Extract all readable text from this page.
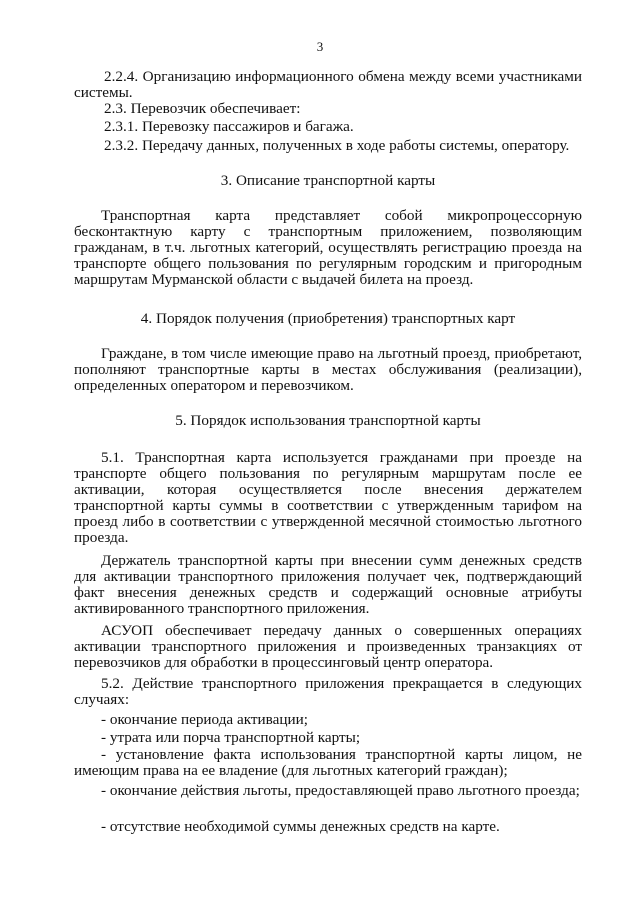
3

2.2.4. Организацию информационного обмена между всеми участниками системы.

2.3. Перевозчик обеспечивает:

2.3.1. Перевозку пассажиров и багажа.

2.3.2. Передачу данных, полученных в ходе работы системы, оператору.

3. Описание транспортной карты

Транспортная карта представляет собой микропроцессорную бесконтактную карту с транспортным приложением, позволяющим гражданам, в т.ч. льготных категорий, осуществлять регистрацию проезда на транспорте общего пользования по регулярным городским и пригородным маршрутам Мурманской области с выдачей билета на проезд.

4. Порядок получения (приобретения) транспортных карт

Граждане, в том числе имеющие право на льготный проезд, приобретают, пополняют транспортные карты в местах обслуживания (реализации), определенных оператором и перевозчиком.

5. Порядок использования транспортной карты

5.1. Транспортная карта используется гражданами при проезде на транспорте общего пользования по регулярным маршрутам после ее активации, которая осуществляется после внесения держателем транспортной карты суммы в соответствии с утвержденным тарифом на проезд либо в соответствии с утвержденной месячной стоимостью льготного проезда.

Держатель транспортной карты при внесении сумм денежных средств для активации транспортного приложения получает чек, подтверждающий факт внесения денежных средств и содержащий основные атрибуты активированного транспортного приложения.

АСУОП обеспечивает передачу данных о совершенных операциях активации транспортного приложения и произведенных транзакциях от перевозчиков для обработки в процессинговый центр оператора.

5.2. Действие транспортного приложения прекращается в следующих случаях:

- окончание периода активации;

- утрата или порча транспортной карты;

- установление факта использования транспортной карты лицом, не имеющим права на ее владение (для льготных категорий граждан);

- окончание действия льготы, предоставляющей право льготного проезда;

- отсутствие необходимой суммы денежных средств на карте.
